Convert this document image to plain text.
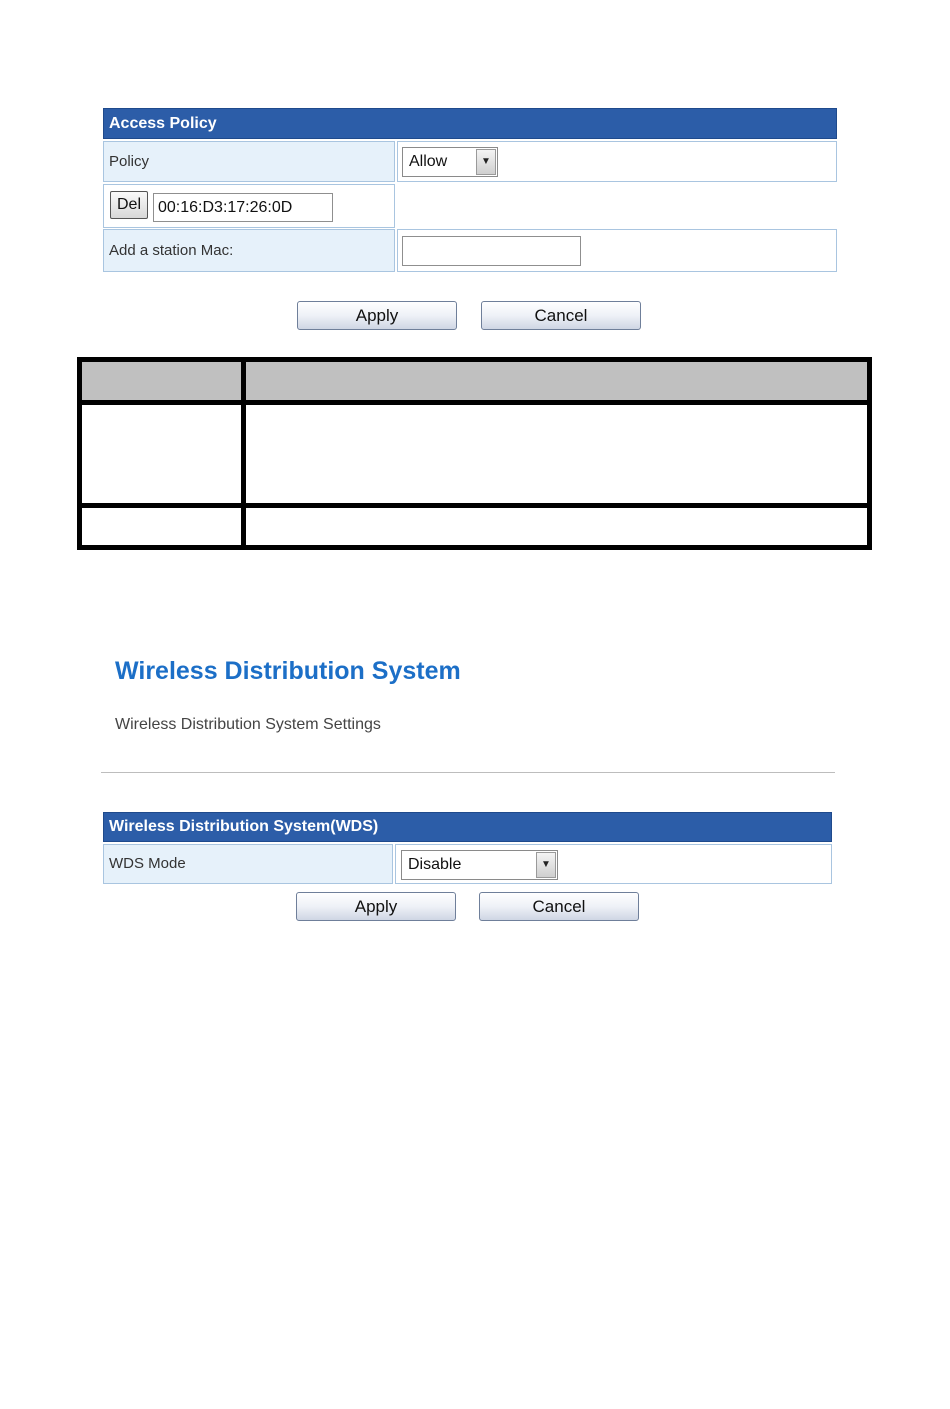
Access Policy
Policy	Allow	▼
Del	00:16:D3:17:26:0D
Add a station Mac:
Apply	Cancel
Wireless Distribution System
Wireless Distribution System Settings
Wireless Distribution System(WDS)
WDS Mode	Disable	▼
Apply	Cancel
